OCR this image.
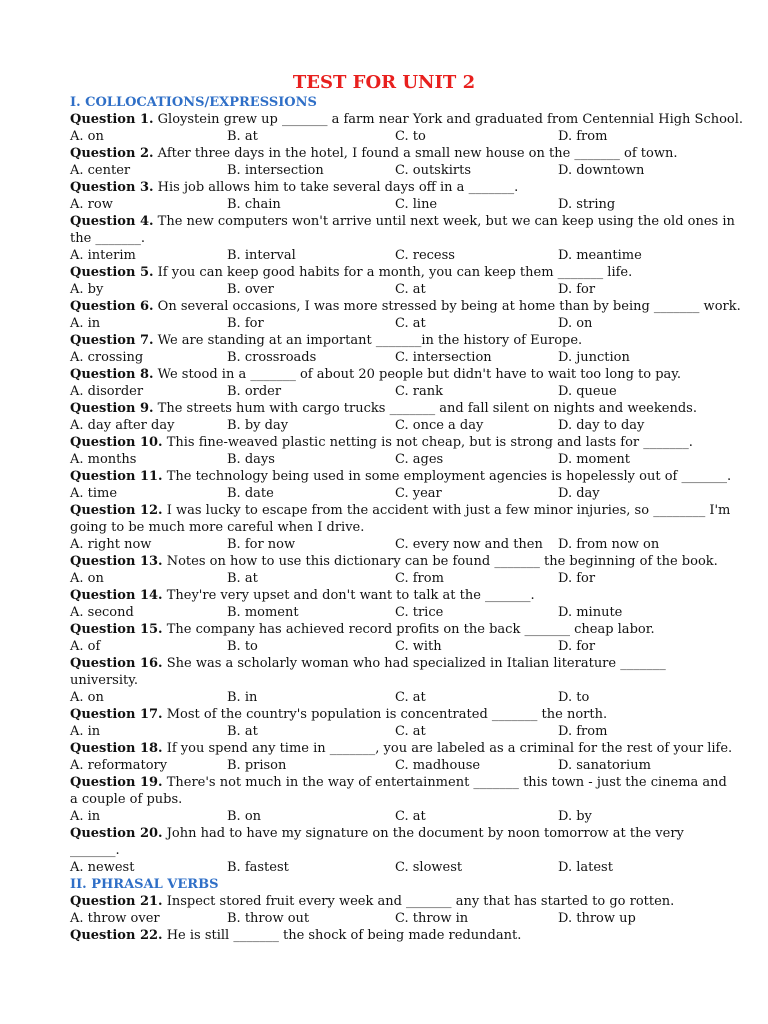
TEST FOR UNIT 2
I. COLLOCATIONS/EXPRESSIONS
Question 1. Gloystein grew up _______ a farm near York and graduated from Centennial High School.
A. on	B. at	C. to	D. from
Question 2. After three days in the hotel, I found a small new house on the _______ of town.
A. center	B. intersection	C. outskirts	D. downtown
Question 3. His job allows him to take several days off in a _______.
A. row	B. chain	C. line	D. string
Question 4. The new computers won't arrive until next week, but we can keep using the old ones in the _______.
A. interim	B. interval	C. recess	D. meantime
Question 5. If you can keep good habits for a month, you can keep them _______ life.
A. by	B. over	C. at	D. for
Question 6. On several occasions, I was more stressed by being at home than by being _______ work.
A. in	B. for	C. at	D. on
Question 7. We are standing at an important _______in the history of Europe.
A. crossing	B. crossroads	C. intersection	D. junction
Question 8. We stood in a _______ of about 20 people but didn't have to wait too long to pay.
A. disorder	B. order	C. rank	D. queue
Question 9. The streets hum with cargo trucks _______ and fall silent on nights and weekends.
A. day after day	B. by day	C. once a day	D. day to day
Question 10. This fine-weaved plastic netting is not cheap, but is strong and lasts for _______.
A. months	B. days	C. ages	D. moment
Question 11. The technology being used in some employment agencies is hopelessly out of _______.
A. time	B. date	C. year	D. day
Question 12. I was lucky to escape from the accident with just a few minor injuries, so ________ I'm going to be much more careful when I drive.
A. right now	B. for now	C. every now and then D. from now on
Question 13. Notes on how to use this dictionary can be found _______ the beginning of the book.
A. on	B. at	C. from	D. for
Question 14. They're very upset and don't want to talk at the _______.
A. second	B. moment	C. trice	D. minute
Question 15. The company has achieved record profits on the back _______ cheap labor.
A. of	B. to	C. with	D. for
Question 16. She was a scholarly woman who had specialized in Italian literature _______ university.
A. on	B. in	C. at	D. to
Question 17. Most of the country's population is concentrated _______ the north.
A. in	B. at	C. at	D. from
Question 18. If you spend any time in _______, you are labeled as a criminal for the rest of your life.
A. reformatory	B. prison	C. madhouse	D. sanatorium
Question 19. There's not much in the way of entertainment _______ this town - just the cinema and a couple of pubs.
A. in	B. on	C. at	D. by
Question 20. John had to have my signature on the document by noon tomorrow at the very _______.
A. newest	B. fastest	C. slowest	D. latest
II. PHRASAL VERBS
Question 21. Inspect stored fruit every week and _______ any that has started to go rotten.
A. throw over	B. throw out	C. throw in	D. throw up
Question 22. He is still _______ the shock of being made redundant.
